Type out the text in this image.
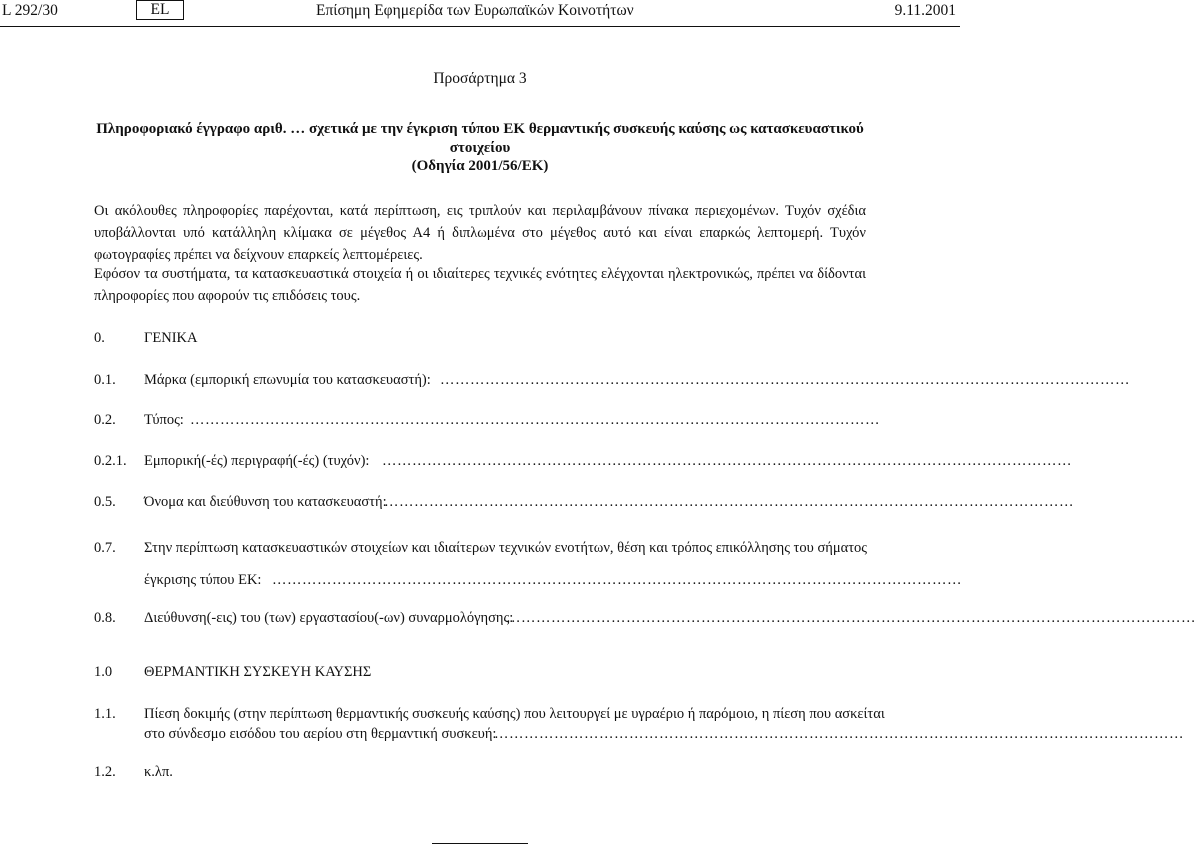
L 292/30	EL	Επίσημη Εφημερίδα των Ευρωπαϊκών Κοινοτήτων	9.11.2001
Προσάρτημα 3
Πληροφοριακό έγγραφο αριθ. … σχετικά με την έγκριση τύπου ΕΚ θερμαντικής συσκευής καύσης ως κατασκευαστικού
στοιχείου
(Οδηγία 2001/56/ΕΚ)

Οι ακόλουθες πληροφορίες παρέχονται, κατά περίπτωση, εις τριπλούν και περιλαμβάνουν πίνακα περιεχομένων. Τυχόν σχέδια υποβάλλονται υπό κατάλληλη κλίμακα σε μέγεθος Α4 ή διπλωμένα στο μέγεθος αυτό και είναι επαρκώς λεπτομερή. Τυχόν φωτογραφίες πρέπει να δείχνουν επαρκείς λεπτομέρειες.

Εφόσον τα συστήματα, τα κατασκευαστικά στοιχεία ή οι ιδιαίτερες τεχνικές ενότητες ελέγχονται ηλεκτρονικώς, πρέπει να δίδονται πληροφορίες που αφορούν τις επιδόσεις τους.

0.	ΓΕΝΙΚΑ
0.1. Μάρκα (εμπορική επωνυμία του κατασκευαστή): …………………………………………………………………………………………………………………………
0.2. Τύπος: …………………………………………………………………………………………………………………………
0.2.1. Εμπορική(-ές) περιγραφή(-ές) (τυχόν): …………………………………………………………………………………………………………………………
0.5. Όνομα και διεύθυνση του κατασκευαστή:
…………………………………………………………………………………………………………………………
0.7. Στην περίπτωση κατασκευαστικών στοιχείων και ιδιαίτερων τεχνικών ενοτήτων, θέση και τρόπος επικόλλησης του σήματος
έγκρισης τύπου ΕΚ: …………………………………………………………………………………………………………………………
0.8. Διεύθυνση(-εις) του (των) εργαστασίου(-ων) συναρμολόγησης:
…………………………………………………………………………………………………………………………
1.0 ΘΕΡΜΑΝΤΙΚΗ ΣΥΣΚΕΥΗ ΚΑΥΣΗΣ
1.1. Πίεση δοκιμής (στην περίπτωση θερμαντικής συσκευής καύσης) που λειτουργεί με υγραέριο ή παρόμοιο, η πίεση που ασκείται
στο σύνδεσμο εισόδου του αερίου στη θερμαντική συσκευή:
…………………………………………………………………………………………………………………………
1.2. κ.λπ.
